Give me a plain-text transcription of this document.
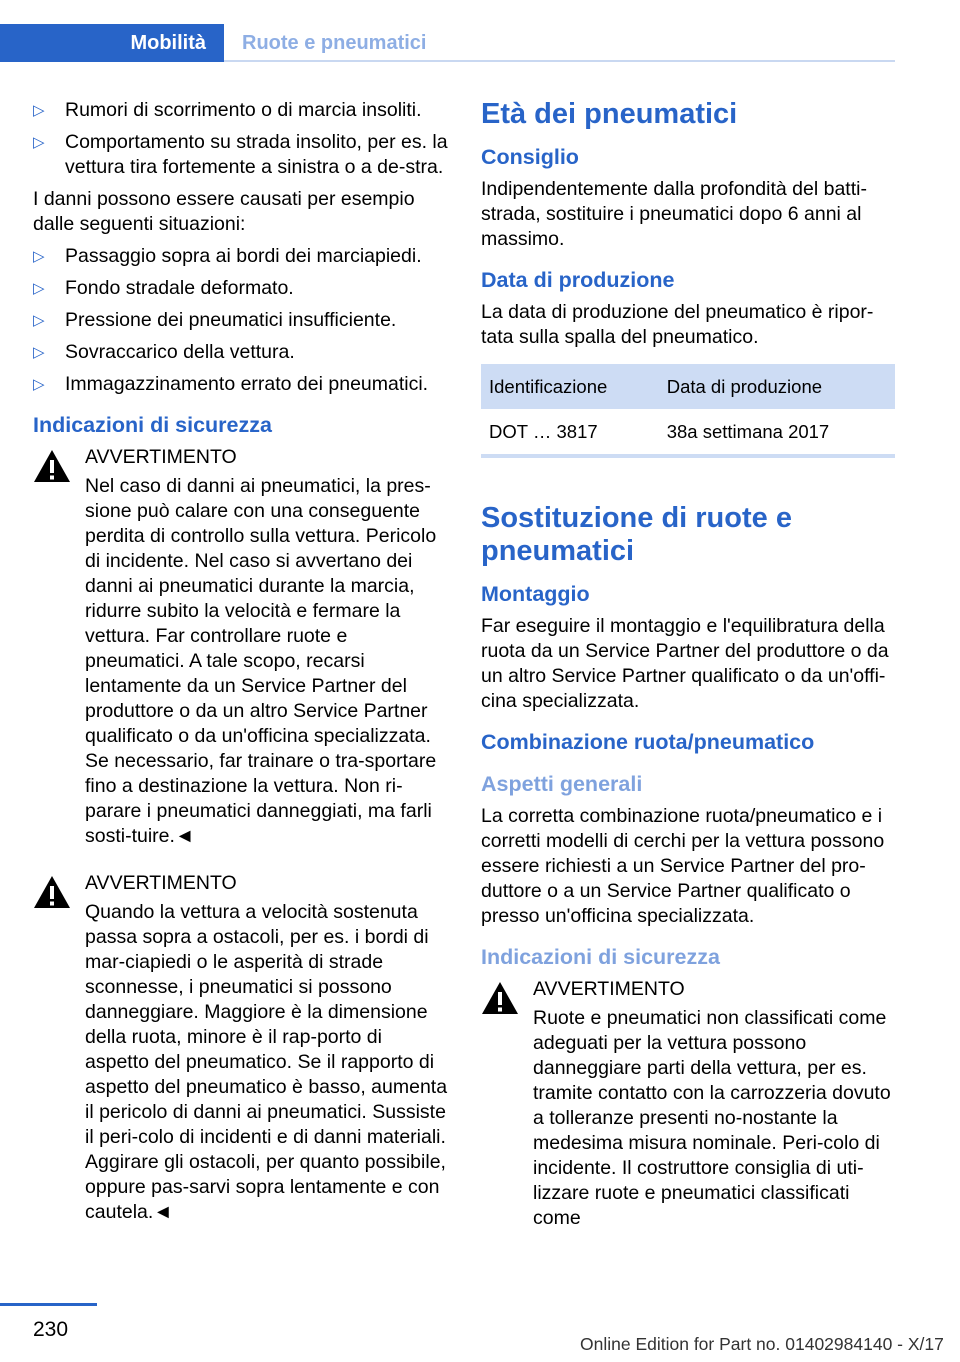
Mobilità	Ruote e pneumatici
▷ Rumori di scorrimento o di marcia insoliti.
▷ Comportamento su strada insolito, per es. la vettura tira fortemente a sinistra o a de-stra.

I danni possono essere causati per esempio dalle seguenti situazioni:

▷ Passaggio sopra ai bordi dei marciapiedi.
▷ Fondo stradale deformato.
▷ Pressione dei pneumatici insufficiente.
▷ Sovraccarico della vettura.
▷ Immagazzinamento errato dei pneumatici.
Indicazioni di sicurezza
AVVERTIMENTO
Nel caso di danni ai pneumatici, la pres-sione può calare con una conseguente perdita di controllo sulla vettura. Pericolo di incidente. Nel caso si avvertano dei danni ai pneumatici durante la marcia, ridurre subito la velocità e fermare la vettura. Far controllare ruote e pneumatici. A tale scopo, recarsi lentamente da un Service Partner del produttore o da un altro Service Partner qualificato o da un'officina specializzata. Se necessario, far trainare o tra-sportare fino a destinazione la vettura. Non ri-parare i pneumatici danneggiati, ma farli sosti-tuire.◄
AVVERTIMENTO
Quando la vettura a velocità sostenuta passa sopra a ostacoli, per es. i bordi di mar-ciapiedi o le asperità di strade sconnesse, i pneumatici si possono danneggiare. Maggiore è la dimensione della ruota, minore è il rap-porto di aspetto del pneumatico. Se il rapporto di aspetto del pneumatico è basso, aumenta il pericolo di danni ai pneumatici. Sussiste il peri-colo di incidenti e di danni materiali. Aggirare gli ostacoli, per quanto possibile, oppure pas-sarvi sopra lentamente e con cautela.◄
Età dei pneumatici
Consiglio

Indipendentemente dalla profondità del batti-strada, sostituire i pneumatici dopo 6 anni al massimo.

Data di produzione

La data di produzione del pneumatico è ripor-tata sulla spalla del pneumatico.

Identificazione	Data di produzione
DOT … 3817	38a settimana 2017
Sostituzione di ruote e pneumatici
Montaggio

Far eseguire il montaggio e l'equilibratura della ruota da un Service Partner del produttore o da un altro Service Partner qualificato o da un'offi-cina specializzata.

Combinazione ruota/pneumatico
Aspetti generali

La corretta combinazione ruota/pneumatico e i corretti modelli di cerchi per la vettura possono essere richiesti a un Service Partner del pro-duttore o a un Service Partner qualificato o presso un'officina specializzata.

Indicazioni di sicurezza
AVVERTIMENTO
Ruote e pneumatici non classificati come adeguati per la vettura possono danneggiare parti della vettura, per es. tramite contatto con la carrozzeria dovuto a tolleranze presenti no-nostante la medesima misura nominale. Peri-colo di incidente. Il costruttore consiglia di uti-lizzare ruote e pneumatici classificati come
230
Online Edition for Part no. 01402984140 - X/17
